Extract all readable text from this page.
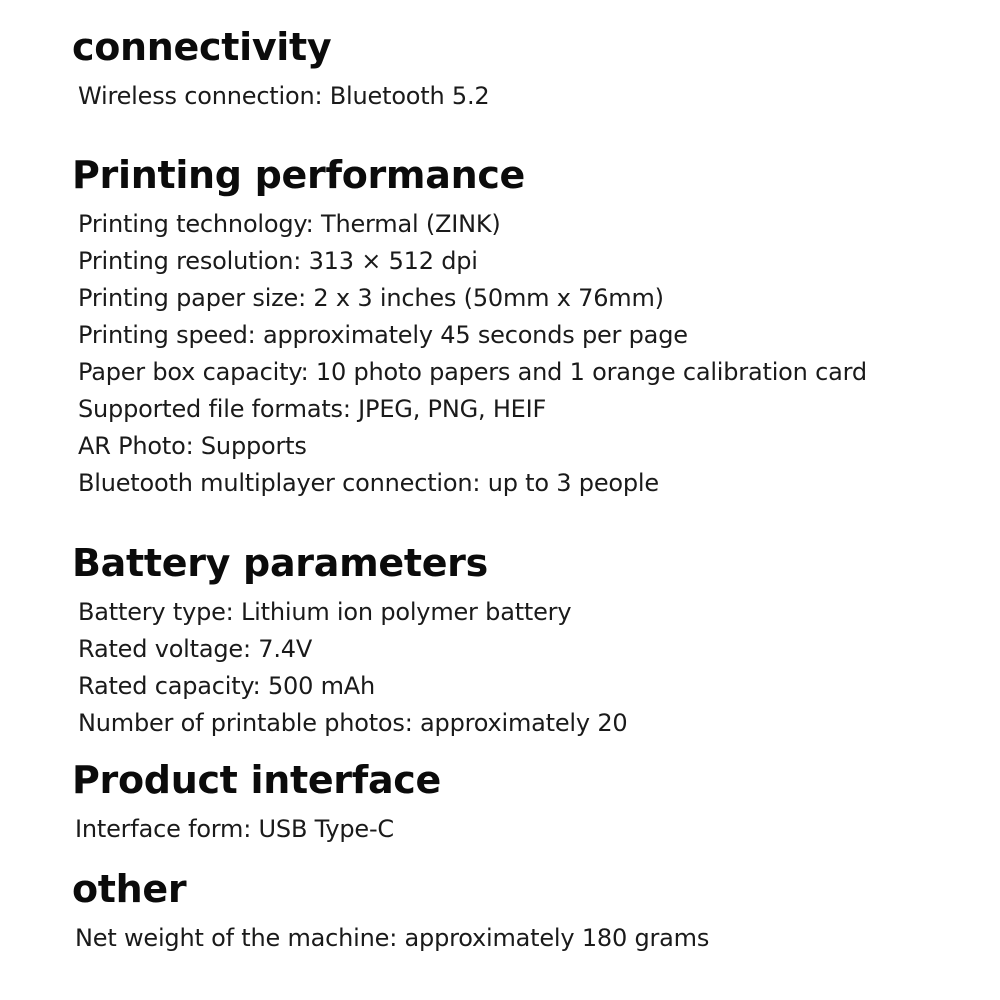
connectivity
Wireless connection: Bluetooth 5.2
Printing performance
Printing technology: Thermal (ZINK)
Printing resolution: 313 × 512 dpi
Printing paper size: 2 x 3 inches (50mm x 76mm)
Printing speed: approximately 45 seconds per page
Paper box capacity: 10 photo papers and 1 orange calibration card
Supported file formats: JPEG, PNG, HEIF
AR Photo: Supports
Bluetooth multiplayer connection: up to 3 people
Battery parameters
Battery type: Lithium ion polymer battery
Rated voltage: 7.4V
Rated capacity: 500 mAh
Number of printable photos: approximately 20
Product interface
Interface form: USB Type-C
other
Net weight of the machine: approximately 180 grams
